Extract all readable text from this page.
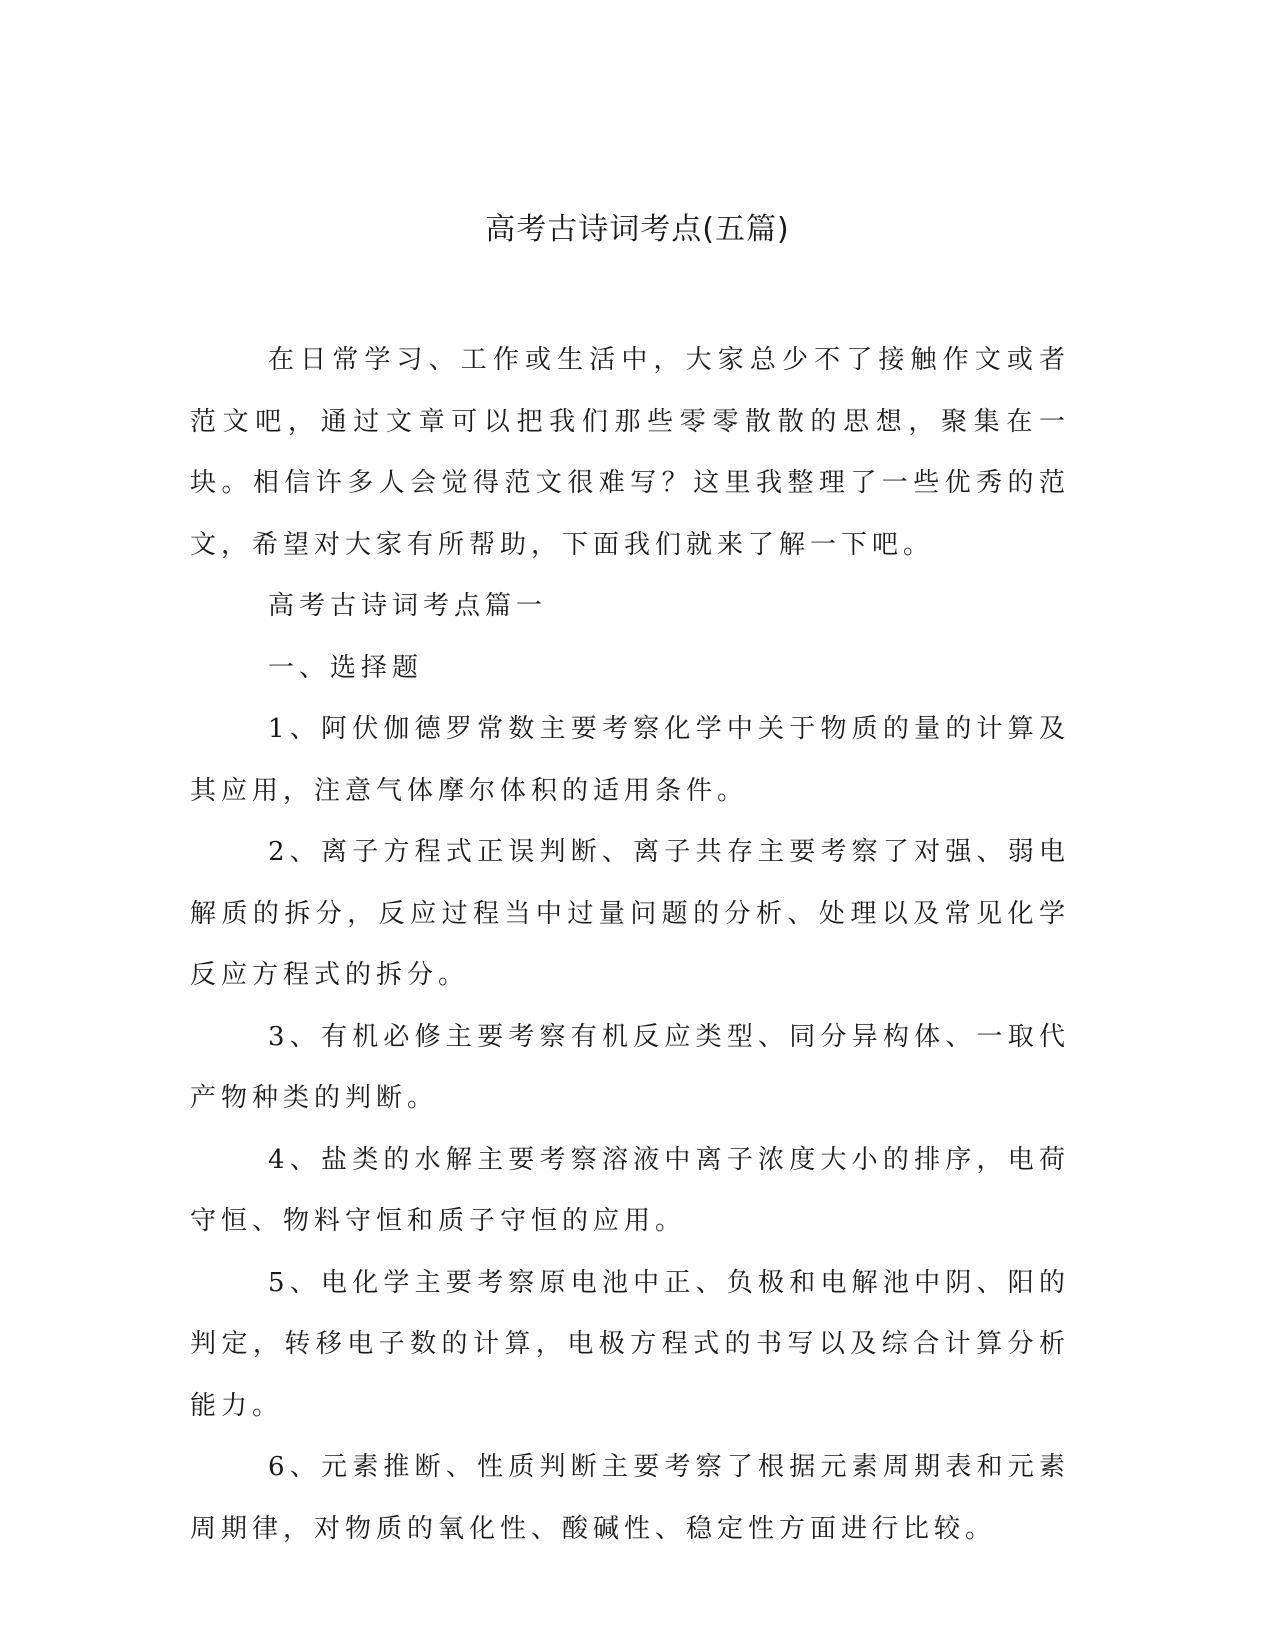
高考古诗词考点(五篇)

在日常学习、工作或生活中，大家总少不了接触作文或者范文吧，通过文章可以把我们那些零零散散的思想，聚集在一块。相信许多人会觉得范文很难写？这里我整理了一些优秀的范文，希望对大家有所帮助，下面我们就来了解一下吧。

高考古诗词考点篇一

一、选择题

1、阿伏伽德罗常数主要考察化学中关于物质的量的计算及其应用，注意气体摩尔体积的适用条件。

2、离子方程式正误判断、离子共存主要考察了对强、弱电解质的拆分，反应过程当中过量问题的分析、处理以及常见化学反应方程式的拆分。

3、有机必修主要考察有机反应类型、同分异构体、一取代产物种类的判断。

4、盐类的水解主要考察溶液中离子浓度大小的排序，电荷守恒、物料守恒和质子守恒的应用。

5、电化学主要考察原电池中正、负极和电解池中阴、阳的判定，转移电子数的计算，电极方程式的书写以及综合计算分析能力。

6、元素推断、性质判断主要考察了根据元素周期表和元素周期律，对物质的氧化性、酸碱性、稳定性方面进行比较。
